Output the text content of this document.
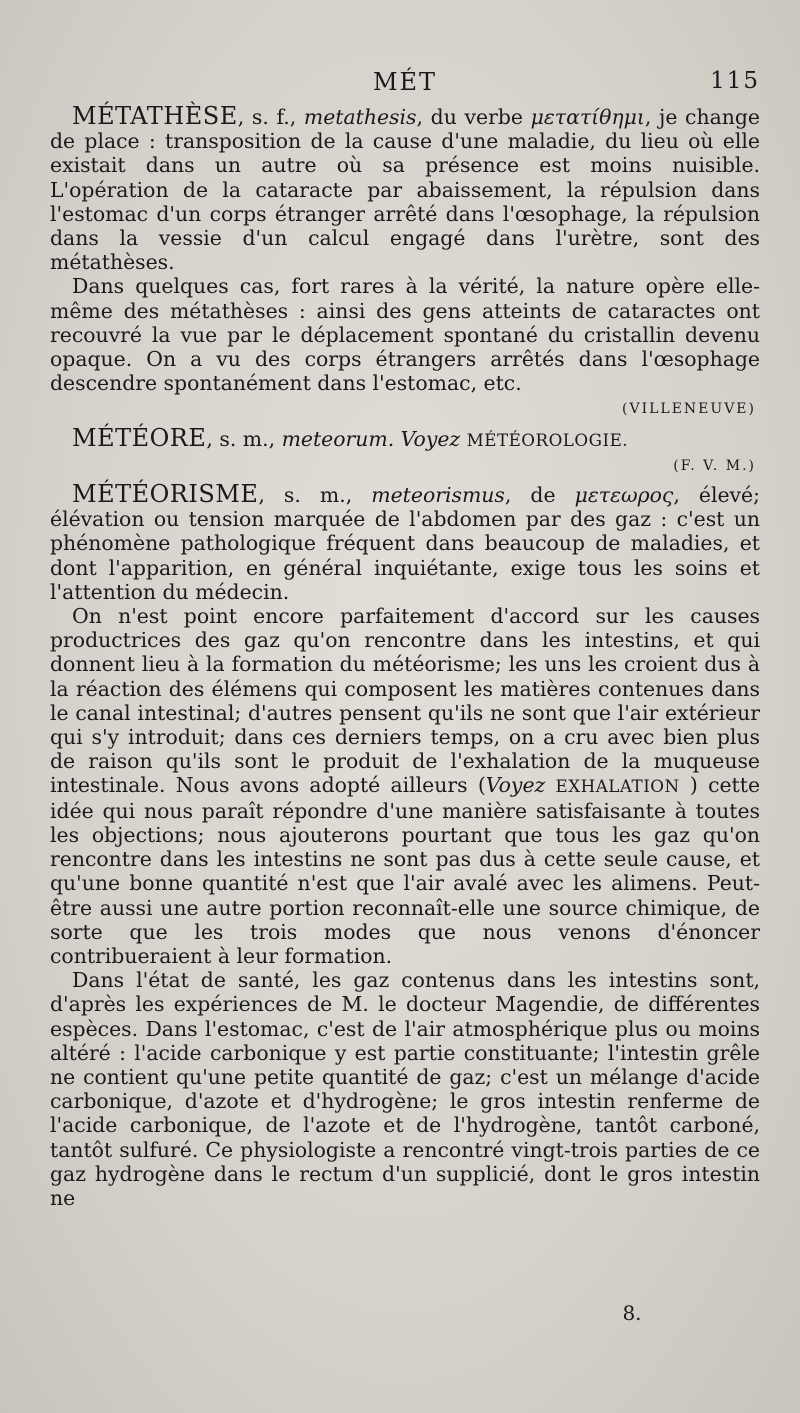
MÉT	115

MÉTATHÈSE, s. f., metathesis, du verbe μετατίθημι, je change de place : transposition de la cause d'une maladie, du lieu où elle existait dans un autre où sa présence est moins nuisible. L'opération de la cataracte par abaissement, la répulsion dans l'estomac d'un corps étranger arrêté dans l'œsophage, la répulsion dans la vessie d'un calcul engagé dans l'urètre, sont des métathèses.

Dans quelques cas, fort rares à la vérité, la nature opère elle-même des métathèses : ainsi des gens atteints de cataractes ont recouvré la vue par le déplacement spontané du cristallin devenu opaque. On a vu des corps étrangers arrêtés dans l'œsophage descendre spontanément dans l'estomac, etc.

(VILLENEUVE)

MÉTÉORE, s. m., meteorum. Voyez MÉTÉOROLOGIE.

(F. V. M.)

MÉTÉORISME, s. m., meteorismus, de μετεωρος, élevé; élévation ou tension marquée de l'abdomen par des gaz : c'est un phénomène pathologique fréquent dans beaucoup de maladies, et dont l'apparition, en général inquiétante, exige tous les soins et l'attention du médecin.

On n'est point encore parfaitement d'accord sur les causes productrices des gaz qu'on rencontre dans les intestins, et qui donnent lieu à la formation du météorisme; les uns les croient dus à la réaction des élémens qui composent les matières contenues dans le canal intestinal; d'autres pensent qu'ils ne sont que l'air extérieur qui s'y introduit; dans ces derniers temps, on a cru avec bien plus de raison qu'ils sont le produit de l'exhalation de la muqueuse intestinale. Nous avons adopté ailleurs (Voyez EXHALATION ) cette idée qui nous paraît répondre d'une manière satisfaisante à toutes les objections; nous ajouterons pourtant que tous les gaz qu'on rencontre dans les intestins ne sont pas dus à cette seule cause, et qu'une bonne quantité n'est que l'air avalé avec les alimens. Peut-être aussi une autre portion reconnaît-elle une source chimique, de sorte que les trois modes que nous venons d'énoncer contribueraient à leur formation.

Dans l'état de santé, les gaz contenus dans les intestins sont, d'après les expériences de M. le docteur Magendie, de différentes espèces. Dans l'estomac, c'est de l'air atmosphérique plus ou moins altéré : l'acide carbonique y est partie constituante; l'intestin grêle ne contient qu'une petite quantité de gaz; c'est un mélange d'acide carbonique, d'azote et d'hydrogène; le gros intestin renferme de l'acide carbonique, de l'azote et de l'hydrogène, tantôt carboné, tantôt sulfuré. Ce physiologiste a rencontré vingt-trois parties de ce gaz hydrogène dans le rectum d'un supplicié, dont le gros intestin ne

8.
